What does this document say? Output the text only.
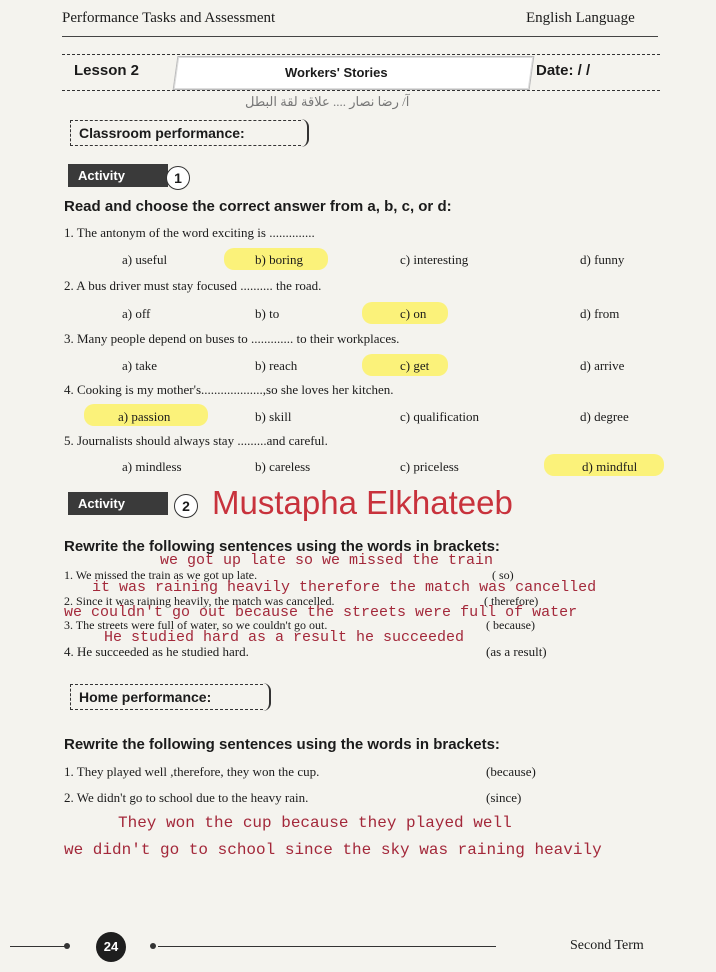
Performance Tasks and Assessment	English Language
Lesson 2	Workers' Stories	Date: / /
آ/ رضا نصار .... علاقة لقة البطل
Classroom performance:
Activity	1
Read and choose the correct answer from a, b, c, or d:
1. The antonym of the word exciting is ..............
a) useful	b) boring	c) interesting	d) funny
2. A bus driver must stay focused .......... the road.
a) off	b) to	c) on	d) from
3. Many people depend on buses to ............. to their workplaces.
a) take	b) reach	c) get	d) arrive
4. Cooking is my mother's...................,so she loves her kitchen.
a) passion	b) skill	c) qualification	d) degree
5. Journalists should always stay .........and careful.
a) mindless	b) careless	c) priceless	d) mindful
Activity	2 Mustapha Elkhateeb
Rewrite the following sentences using the words in brackets:
we got up late so we missed the train
1. We missed the train as we got up late.	( so)
it was raining heavily therefore the match was cancelled
2. Since it was raining heavily, the match was cancelled.	( therefore)
we couldn't go out because the streets were full of water
3. The streets were full of water, so we couldn't go out.	( because)
He studied hard as a result he succeeded
4. He succeeded as he studied hard.	(as a result)
Home performance:
Rewrite the following sentences using the words in brackets:
1. They played well ,therefore, they won the cup.	(because)
2. We didn't go to school due to the heavy rain.	(since)
They won the cup because they played well
we didn't go to school since the sky was raining heavily
24	Second Term
